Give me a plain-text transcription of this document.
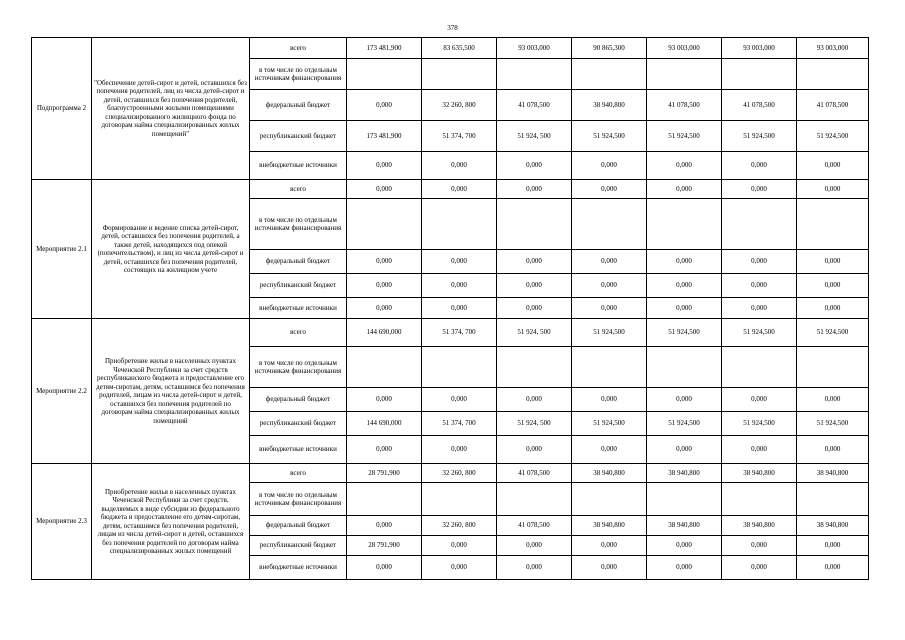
378
Подпрограмма 2	"Обеспечение детей-сирот и детей, оставшихся без попечения родителей, лиц из числа детей-сирот и детей, оставшихся без попечения родителей, благоустроенными жилыми помещениями специализированного жилищного фонда по договорам найма специализированных жилых помещений"	всего	173 481,900	83 635,500	93 003,000	90 865,300	93 003,000	93 003,000	93 003,000
		в том числе по отдельным источникам финансирования							
		федеральный бюджет	0,000	32 260, 800	41 078,500	38 940,800	41 078,500	41 078,500	41 078,500
		республиканский бюджет	173 481,900	51 374, 700	51 924, 500	51 924,500	51 924,500	51 924,500	51 924,500
		внебюджетные источники	0,000	0,000	0,000	0,000	0,000	0,000	0,000
Мероприятие 2.1	Формирование и ведение списка детей-сирот, детей, оставшихся без попечения родителей, а также детей, находящихся под опекой (попечительством), и лиц из числа детей-сирот и детей, оставшихся без попечения родителей, состоящих на жилищном учете	всего	0,000	0,000	0,000	0,000	0,000	0,000	0,000
		в том числе по отдельным источникам финансирования							
		федеральный бюджет	0,000	0,000	0,000	0,000	0,000	0,000	0,000
		республиканский бюджет	0,000	0,000	0,000	0,000	0,000	0,000	0,000
		внебюджетные источники	0,000	0,000	0,000	0,000	0,000	0,000	0,000
Мероприятие 2.2	Приобретение жилья в населенных пунктах Чеченской Республики за счет средств республиканского бюджета и предоставление его детям-сиротам, детям, оставшимся без попечения родителей, лицам из числа детей-сирот и детей, оставшихся без попечения родителей по договорам найма специализированных жилых помещений	всего	144 690,000	51 374, 700	51 924, 500	51 924,500	51 924,500	51 924,500	51 924,500
		в том числе по отдельным источникам финансирования							
		федеральный бюджет	0,000	0,000	0,000	0,000	0,000	0,000	0,000
		республиканский бюджет	144 690,000	51 374, 700	51 924, 500	51 924,500	51 924,500	51 924,500	51 924,500
		внебюджетные источники	0,000	0,000	0,000	0,000	0,000	0,000	0,000
Мероприятие 2.3	Приобретение жилья в населенных пунктах Чеченской Республики за счет средств, выделяемых в виде субсидии из федерального бюджета и предоставление его детям-сиротам, детям, оставшимся без попечения родителей, лицам из числа детей-сирот и детей, оставшихся без попечения родителей по договорам найма специализированных жилых помещений	всего	28 791,900	32 260, 800	41 078,500	38 940,800	38 940,800	38 940,800	38 940,800
		в том числе по отдельным источникам финансирования							
		федеральный бюджет	0,000	32 260, 800	41 078,500	38 940,800	38 940,800	38 940,800	38 940,800
		республиканский бюджет	28 791,900	0,000	0,000	0,000	0,000	0,000	0,000
		внебюджетные источники	0,000	0,000	0,000	0,000	0,000	0,000	0,000
